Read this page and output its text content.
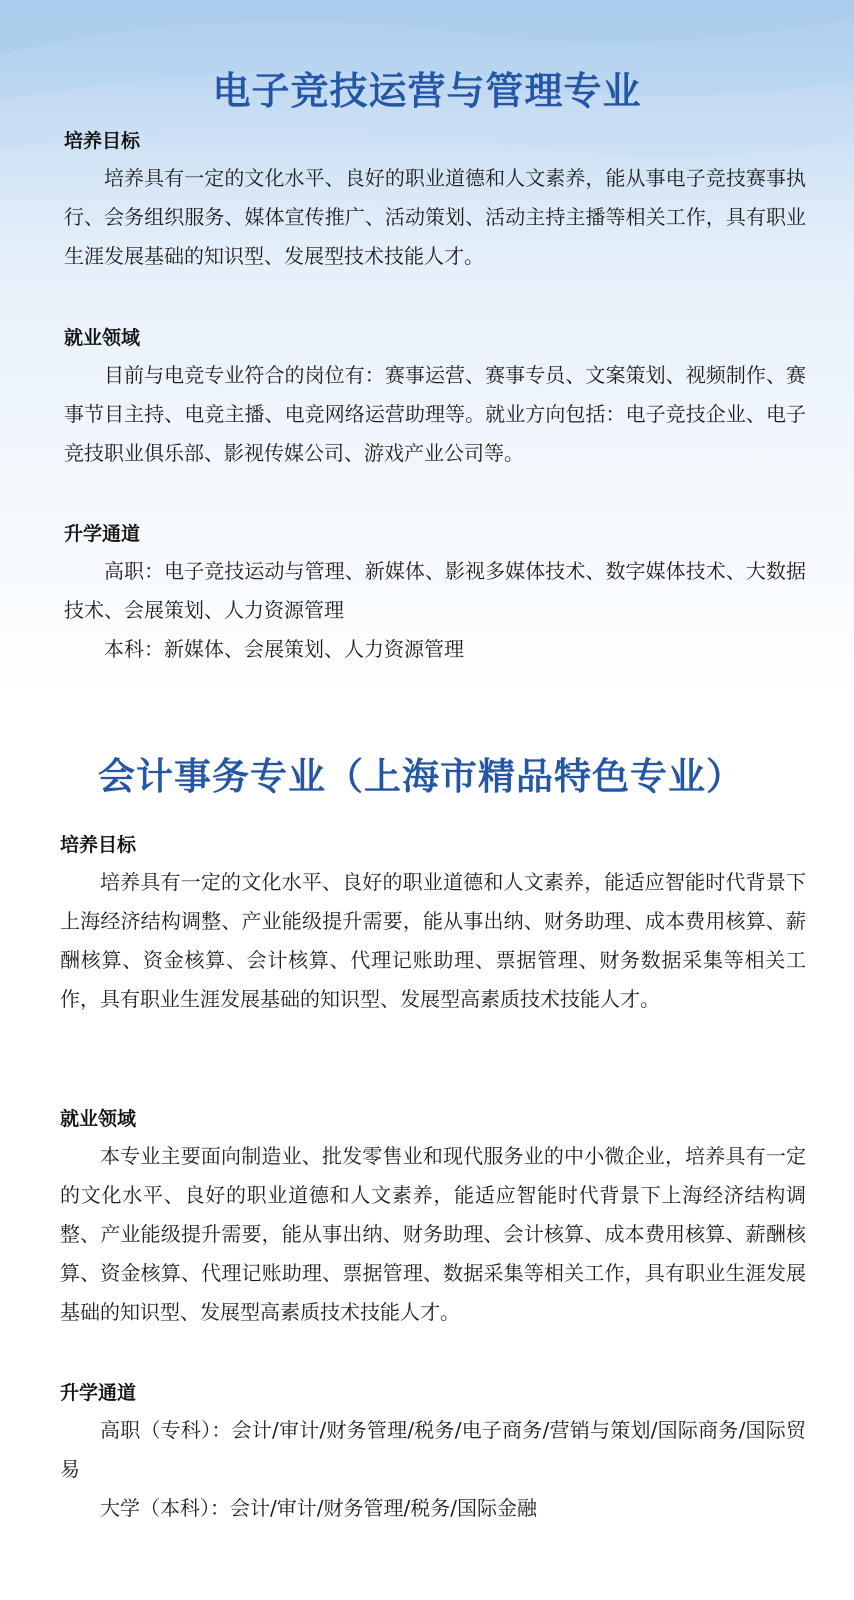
电子竞技运营与管理专业
培养目标

培养具有一定的文化水平、良好的职业道德和人文素养，能从事电子竞技赛事执行、会务组织服务、媒体宣传推广、活动策划、活动主持主播等相关工作，具有职业生涯发展基础的知识型、发展型技术技能人才。

就业领域

目前与电竞专业符合的岗位有：赛事运营、赛事专员、文案策划、视频制作、赛事节目主持、电竞主播、电竞网络运营助理等。就业方向包括：电子竞技企业、电子竞技职业俱乐部、影视传媒公司、游戏产业公司等。

升学通道

高职：电子竞技运动与管理、新媒体、影视多媒体技术、数字媒体技术、大数据技术、会展策划、人力资源管理

本科：新媒体、会展策划、人力资源管理
会计事务专业（上海市精品特色专业）
培养目标

培养具有一定的文化水平、良好的职业道德和人文素养，能适应智能时代背景下上海经济结构调整、产业能级提升需要，能从事出纳、财务助理、成本费用核算、薪酬核算、资金核算、会计核算、代理记账助理、票据管理、财务数据采集等相关工作，具有职业生涯发展基础的知识型、发展型高素质技术技能人才。

就业领域

本专业主要面向制造业、批发零售业和现代服务业的中小微企业，培养具有一定的文化水平、良好的职业道德和人文素养，能适应智能时代背景下上海经济结构调整、产业能级提升需要，能从事出纳、财务助理、会计核算、成本费用核算、薪酬核算、资金核算、代理记账助理、票据管理、数据采集等相关工作，具有职业生涯发展基础的知识型、发展型高素质技术技能人才。

升学通道

高职（专科）：会计/审计/财务管理/税务/电子商务/营销与策划/国际商务/国际贸易

大学（本科）：会计/审计/财务管理/税务/国际金融
